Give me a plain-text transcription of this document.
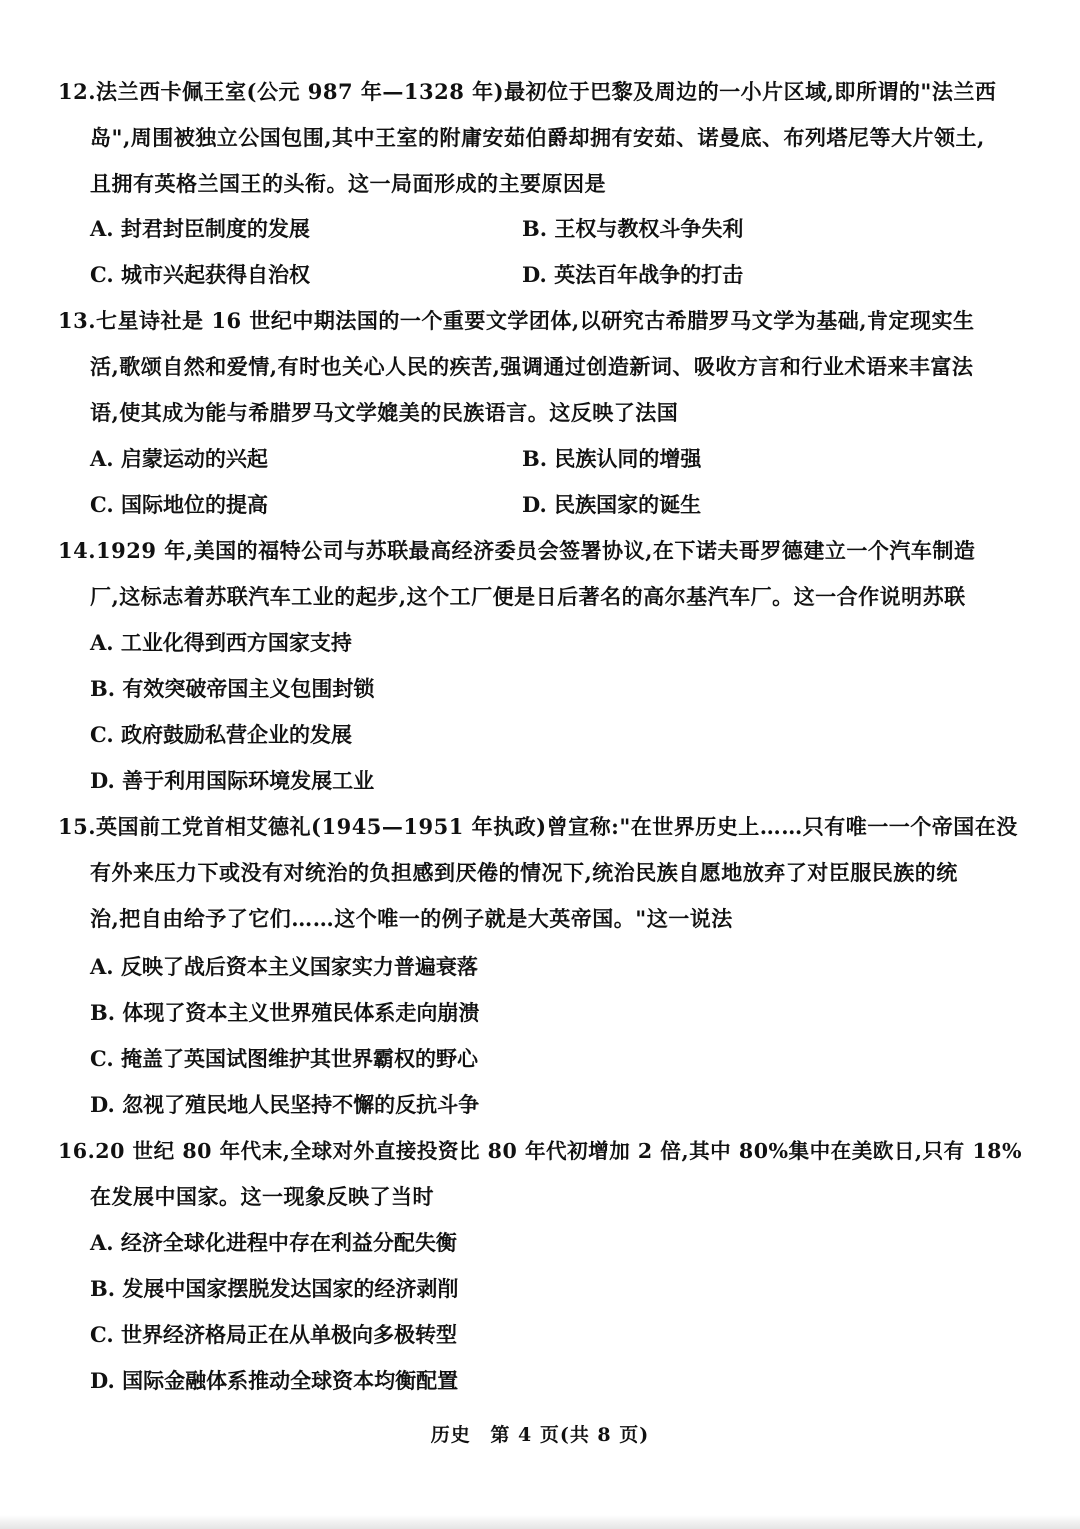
12.法兰西卡佩王室(公元 987 年—1328 年)最初位于巴黎及周边的一小片区域,即所谓的"法兰西
岛",周围被独立公国包围,其中王室的附庸安茹伯爵却拥有安茹、诺曼底、布列塔尼等大片领土,
且拥有英格兰国王的头衔。这一局面形成的主要原因是
A. 封君封臣制度的发展	B. 王权与教权斗争失利
C. 城市兴起获得自治权	D. 英法百年战争的打击
13.七星诗社是 16 世纪中期法国的一个重要文学团体,以研究古希腊罗马文学为基础,肯定现实生
活,歌颂自然和爱情,有时也关心人民的疾苦,强调通过创造新词、吸收方言和行业术语来丰富法
语,使其成为能与希腊罗马文学媲美的民族语言。这反映了法国
A. 启蒙运动的兴起	B. 民族认同的增强
C. 国际地位的提高	D. 民族国家的诞生
14.1929 年,美国的福特公司与苏联最高经济委员会签署协议,在下诺夫哥罗德建立一个汽车制造
厂,这标志着苏联汽车工业的起步,这个工厂便是日后著名的高尔基汽车厂。这一合作说明苏联
A. 工业化得到西方国家支持
B. 有效突破帝国主义包围封锁
C. 政府鼓励私营企业的发展
D. 善于利用国际环境发展工业
15.英国前工党首相艾德礼(1945—1951 年执政)曾宣称:"在世界历史上……只有唯一一个帝国在没
有外来压力下或没有对统治的负担感到厌倦的情况下,统治民族自愿地放弃了对臣服民族的统
治,把自由给予了它们……这个唯一的例子就是大英帝国。"这一说法
A. 反映了战后资本主义国家实力普遍衰落
B. 体现了资本主义世界殖民体系走向崩溃
C. 掩盖了英国试图维护其世界霸权的野心
D. 忽视了殖民地人民坚持不懈的反抗斗争
16.20 世纪 80 年代末,全球对外直接投资比 80 年代初增加 2 倍,其中 80%集中在美欧日,只有 18%
在发展中国家。这一现象反映了当时
A. 经济全球化进程中存在利益分配失衡
B. 发展中国家摆脱发达国家的经济剥削
C. 世界经济格局正在从单极向多极转型
D. 国际金融体系推动全球资本均衡配置
历史 第 4 页(共 8 页)
